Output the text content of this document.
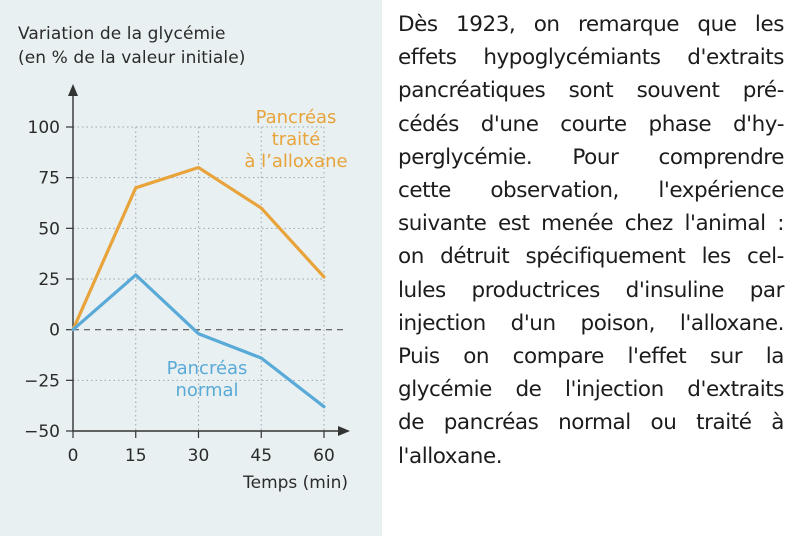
Variation de la glycémie
(en % de la valeur initiale)
100
75
50
25
0
−25
−50
0	15 30 45 60
Temps (min)
Pancréas
traité
à l’alloxane
Pancréas
normal
Dès 1923, on remarque que les
effets hypoglycémiants d'extraits
pancréatiques sont souvent pré-
cédés d'une courte phase d'hy-
perglycémie. Pour comprendre
cette observation, l'expérience
suivante est menée chez l'animal :
on détruit spécifiquement les cel-
lules productrices d'insuline par
injection d'un poison, l'alloxane.
Puis on compare l'effet sur la
glycémie de l'injection d'extraits
de pancréas normal ou traité à
l'alloxane.
